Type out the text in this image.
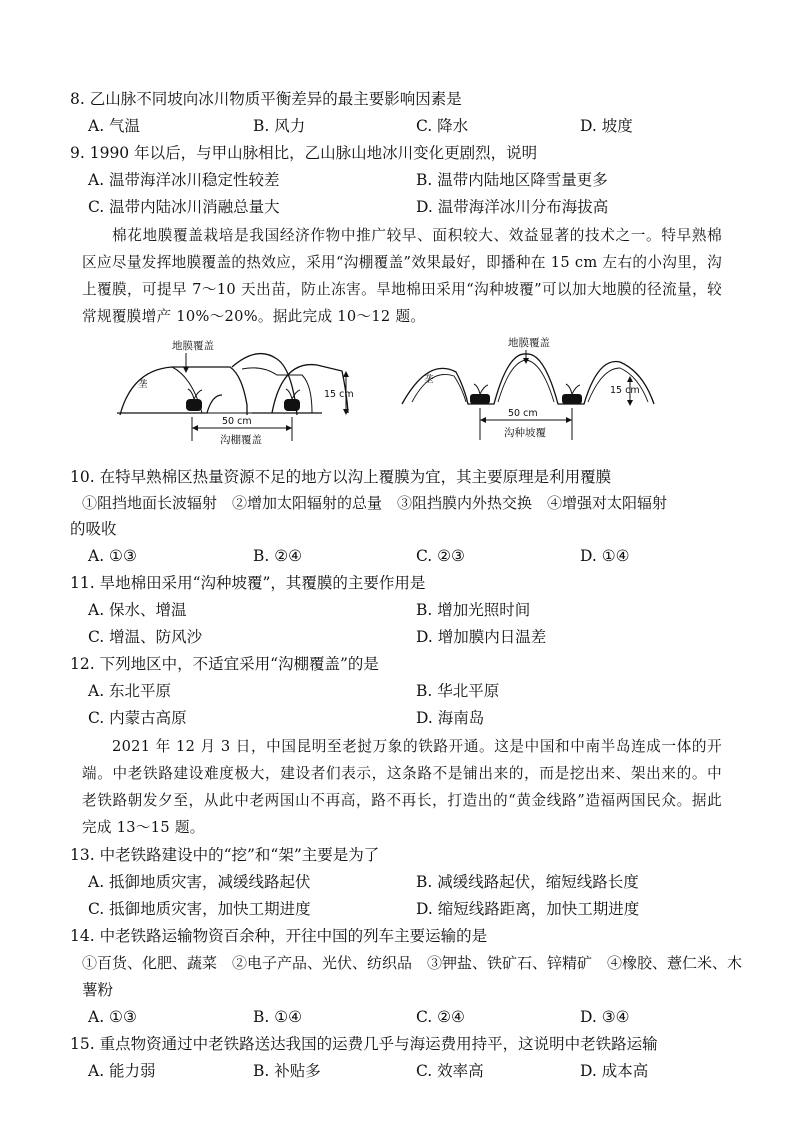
8. 乙山脉不同坡向冰川物质平衡差异的最主要影响因素是
A. 气温	B. 风力	C. 降水	D. 坡度
9. 1990 年以后，与甲山脉相比，乙山脉山地冰川变化更剧烈，说明
A. 温带海洋冰川稳定性较差	B. 温带内陆地区降雪量更多
C. 温带内陆冰川消融总量大	D. 温带海洋冰川分布海拔高
棉花地膜覆盖栽培是我国经济作物中推广较早、面积较大、效益显著的技术之一。特早熟棉区应尽量发挥地膜覆盖的热效应，采用“沟棚覆盖”效果最好，即播种在 15 cm 左右的小沟里，沟上覆膜，可提早 7～10 天出苗，防止冻害。旱地棉田采用“沟种坡覆”可以加大地膜的径流量，较常规覆膜增产 10%～20%。据此完成 10～12 题。
地膜覆盖
垄
15 cm
50 cm
沟棚覆盖
地膜覆盖
垄
15 cm
50 cm
沟种坡覆
10. 在特早熟棉区热量资源不足的地方以沟上覆膜为宜，其主要原理是利用覆膜
①阻挡地面长波辐射　②增加太阳辐射的总量　③阻挡膜内外热交换　④增强对太阳辐射
的吸收
A. ①③	B. ②④	C. ②③	D. ①④
11. 旱地棉田采用“沟种坡覆”，其覆膜的主要作用是
A. 保水、增温	B. 增加光照时间
C. 增温、防风沙	D. 增加膜内日温差
12. 下列地区中，不适宜采用“沟棚覆盖”的是
A. 东北平原	B. 华北平原
C. 内蒙古高原	D. 海南岛
2021 年 12 月 3 日，中国昆明至老挝万象的铁路开通。这是中国和中南半岛连成一体的开端。中老铁路建设难度极大，建设者们表示，这条路不是铺出来的，而是挖出来、架出来的。中老铁路朝发夕至，从此中老两国山不再高，路不再长，打造出的“黄金线路”造福两国民众。据此完成 13～15 题。
13. 中老铁路建设中的“挖”和“架”主要是为了
A. 抵御地质灾害，减缓线路起伏	B. 减缓线路起伏，缩短线路长度
C. 抵御地质灾害，加快工期进度	D. 缩短线路距离，加快工期进度
14. 中老铁路运输物资百余种，开往中国的列车主要运输的是
①百货、化肥、蔬菜　②电子产品、光伏、纺织品　③钾盐、铁矿石、锌精矿　④橡胶、薏仁米、木
薯粉
A. ①③	B. ①④	C. ②④	D. ③④
15. 重点物资通过中老铁路送达我国的运费几乎与海运费用持平，这说明中老铁路运输
A. 能力弱	B. 补贴多	C. 效率高	D. 成本高
